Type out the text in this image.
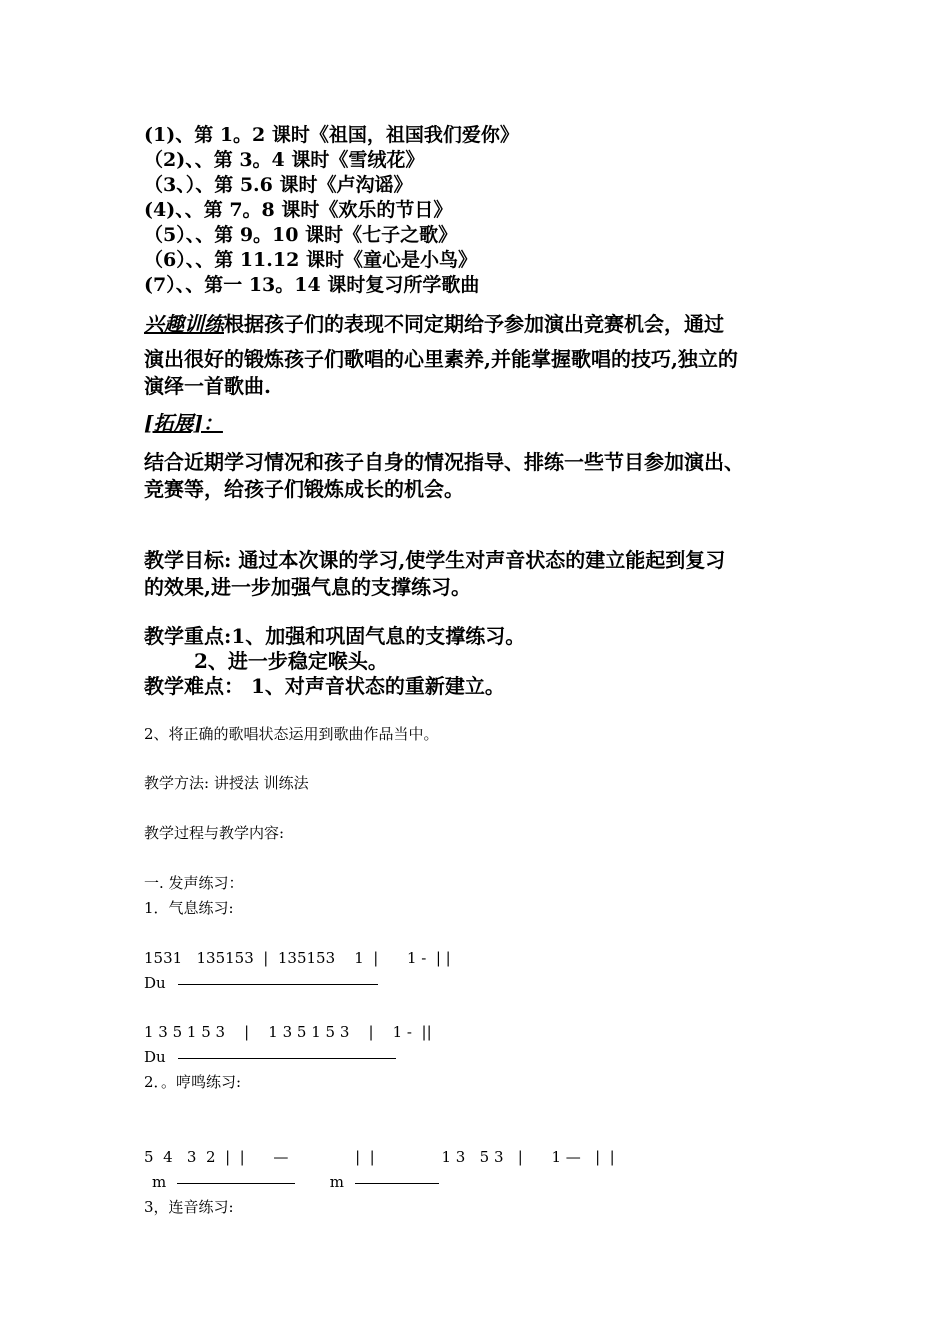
(1)、第 1。2 课时《祖国，祖国我们爱你》

（2)、、第 3。4 课时《雪绒花》

（3、）、第 5.6 课时《卢沟谣》

(4)、、第 7。8 课时《欢乐的节日》

（5）、、第 9。10 课时《七子之歌》

（6）、、第 11.12 课时《童心是小鸟》

(7）、、第一 13。14 课时复习所学歌曲

兴趣训练根据孩子们的表现不同定期给予参加演出竞赛机会，通过

演出很好的锻炼孩子们歌唱的心里素养,并能掌握歌唱的技巧,独立的

演绎一首歌曲.

[拓展]：

结合近期学习情况和孩子自身的情况指导、排练一些节目参加演出、

竞赛等，给孩子们锻炼成长的机会。

教学目标: 通过本次课的学习,使学生对声音状态的建立能起到复习

的效果,进一步加强气息的支撑练习。

教学重点:1、加强和巩固气息的支撑练习。

2、进一步稳定喉头。

教学难点： 1、对声音状态的重新建立。

2、将正确的歌唱状态运用到歌曲作品当中。

教学方法: 讲授法 训练法

教学过程与教学内容:

一. 发声练习：

1．气息练习:

1531   135153  |  135153    1  |      1 -  | |

Du

1 3 5 1 5 3    |    1 3 5 1 5 3    |    1 -  ||

Du

2．。哼鸣练习:

5  4   3  2  |  |      —              |  |              1 3   5 3   |      1 —   |  |

m	m

3，连音练习:
